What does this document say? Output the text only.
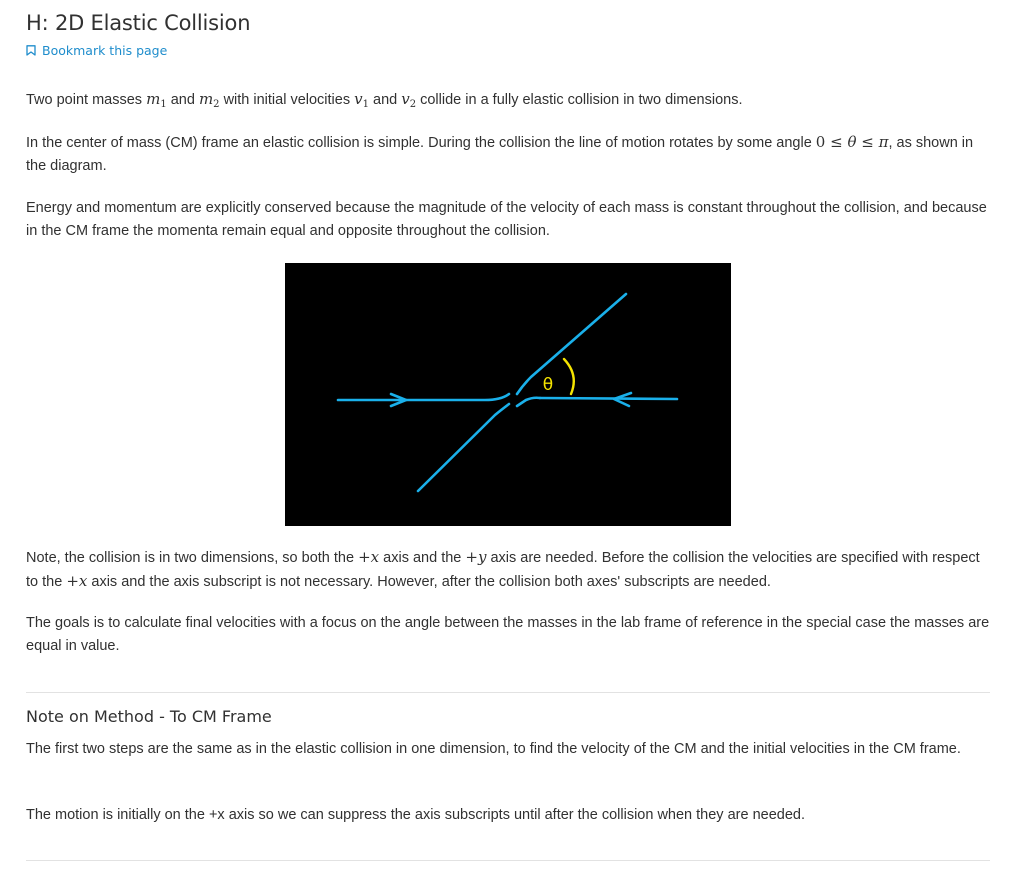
H: 2D Elastic Collision
Bookmark this page

Two point masses $m_1$ and $m_2$ with initial velocities $v_1$ and $v_2$ collide in a fully elastic collision in two dimensions.

In the center of mass (CM) frame an elastic collision is simple. During the collision the line of motion rotates by some angle 0 ≤ θ ≤ π, as shown in the diagram.

Energy and momentum are explicitly conserved because the magnitude of the velocity of each mass is constant throughout the collision, and because in the CM frame the momenta remain equal and opposite throughout the collision.

θ

Note, the collision is in two dimensions, so both the +x axis and the +y axis are needed. Before the collision the velocities are specified with respect to the +x axis and the axis subscript is not necessary. However, after the collision both axes' subscripts are needed.

The goals is to calculate final velocities with a focus on the angle between the masses in the lab frame of reference in the special case the masses are equal in value.

Note on Method - To CM Frame

The first two steps are the same as in the elastic collision in one dimension, to find the velocity of the CM and the initial velocities in the CM frame.

The motion is initially on the +x axis so we can suppress the axis subscripts until after the collision when they are needed.
